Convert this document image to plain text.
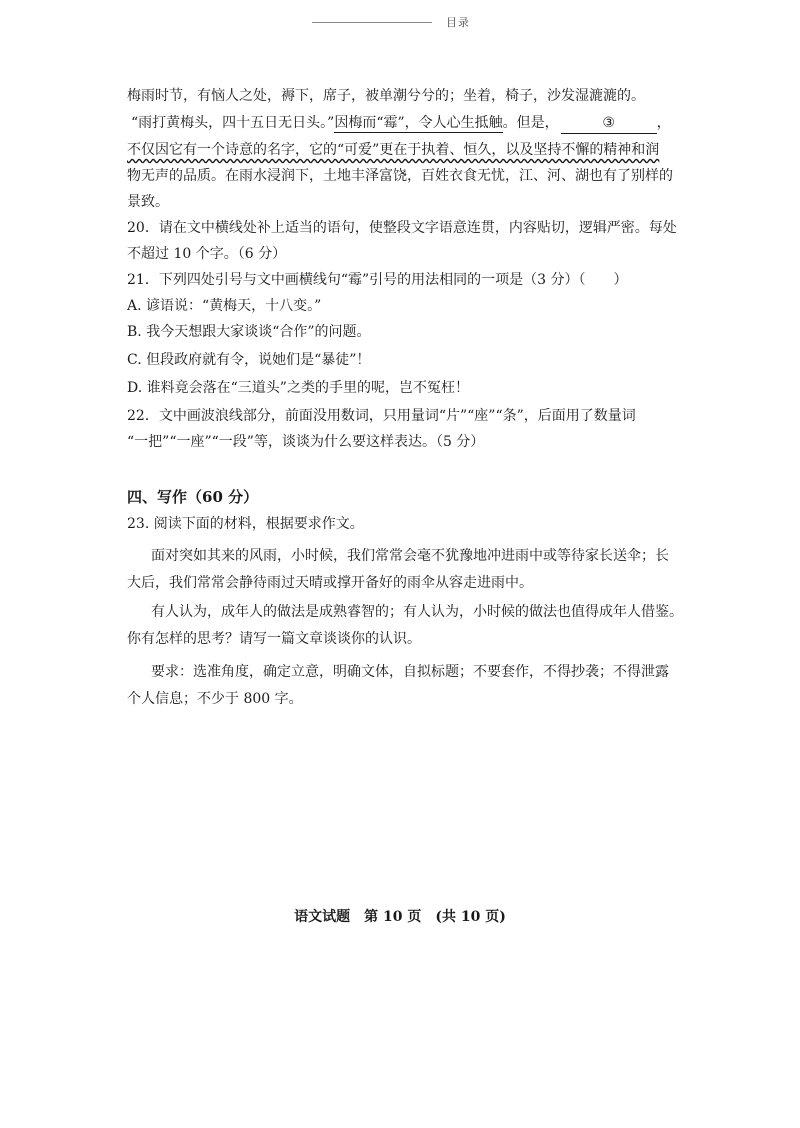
目录
梅雨时节，有恼人之处，褥下，席子，被单潮兮兮的；坐着，椅子，沙发湿漉漉的。
“雨打黄梅头，四十五日无日头。”因梅而“霉”，令人心生抵触。但是，	③	，
不仅因它有一个诗意的名字，它的“可爱”更在于执着、恒久，以及坚持不懈的精神和润
物无声的品质。在雨水浸润下，土地丰泽富饶，百姓衣食无忧，江、河、湖也有了别样的
景致。
20．请在文中横线处补上适当的语句，使整段文字语意连贯，内容贴切，逻辑严密。每处
不超过 10 个字。（6 分）
21．下列四处引号与文中画横线句“霉”引号的用法相同的一项是（3 分）（　　）
A. 谚语说：“黄梅天，十八变。”
B. 我今天想跟大家谈谈“合作”的问题。
C. 但段政府就有令，说她们是“暴徒”！
D. 谁料竟会落在“三道头”之类的手里的呢，岂不冤枉！
22．文中画波浪线部分，前面没用数词，只用量词“片”“座”“条”，后面用了数量词
“一把”“一座”“一段”等，谈谈为什么要这样表达。（5 分）
四、写作（60 分）
23. 阅读下面的材料，根据要求作文。
面对突如其来的风雨，小时候，我们常常会毫不犹豫地冲进雨中或等待家长送伞；长
大后，我们常常会静待雨过天晴或撑开备好的雨伞从容走进雨中。
有人认为，成年人的做法是成熟睿智的；有人认为，小时候的做法也值得成年人借鉴。
你有怎样的思考？请写一篇文章谈谈你的认识。
要求：选准角度，确定立意，明确文体，自拟标题；不要套作，不得抄袭；不得泄露
个人信息；不少于 800 字。
语文试题　第 10 页　(共 10 页)
